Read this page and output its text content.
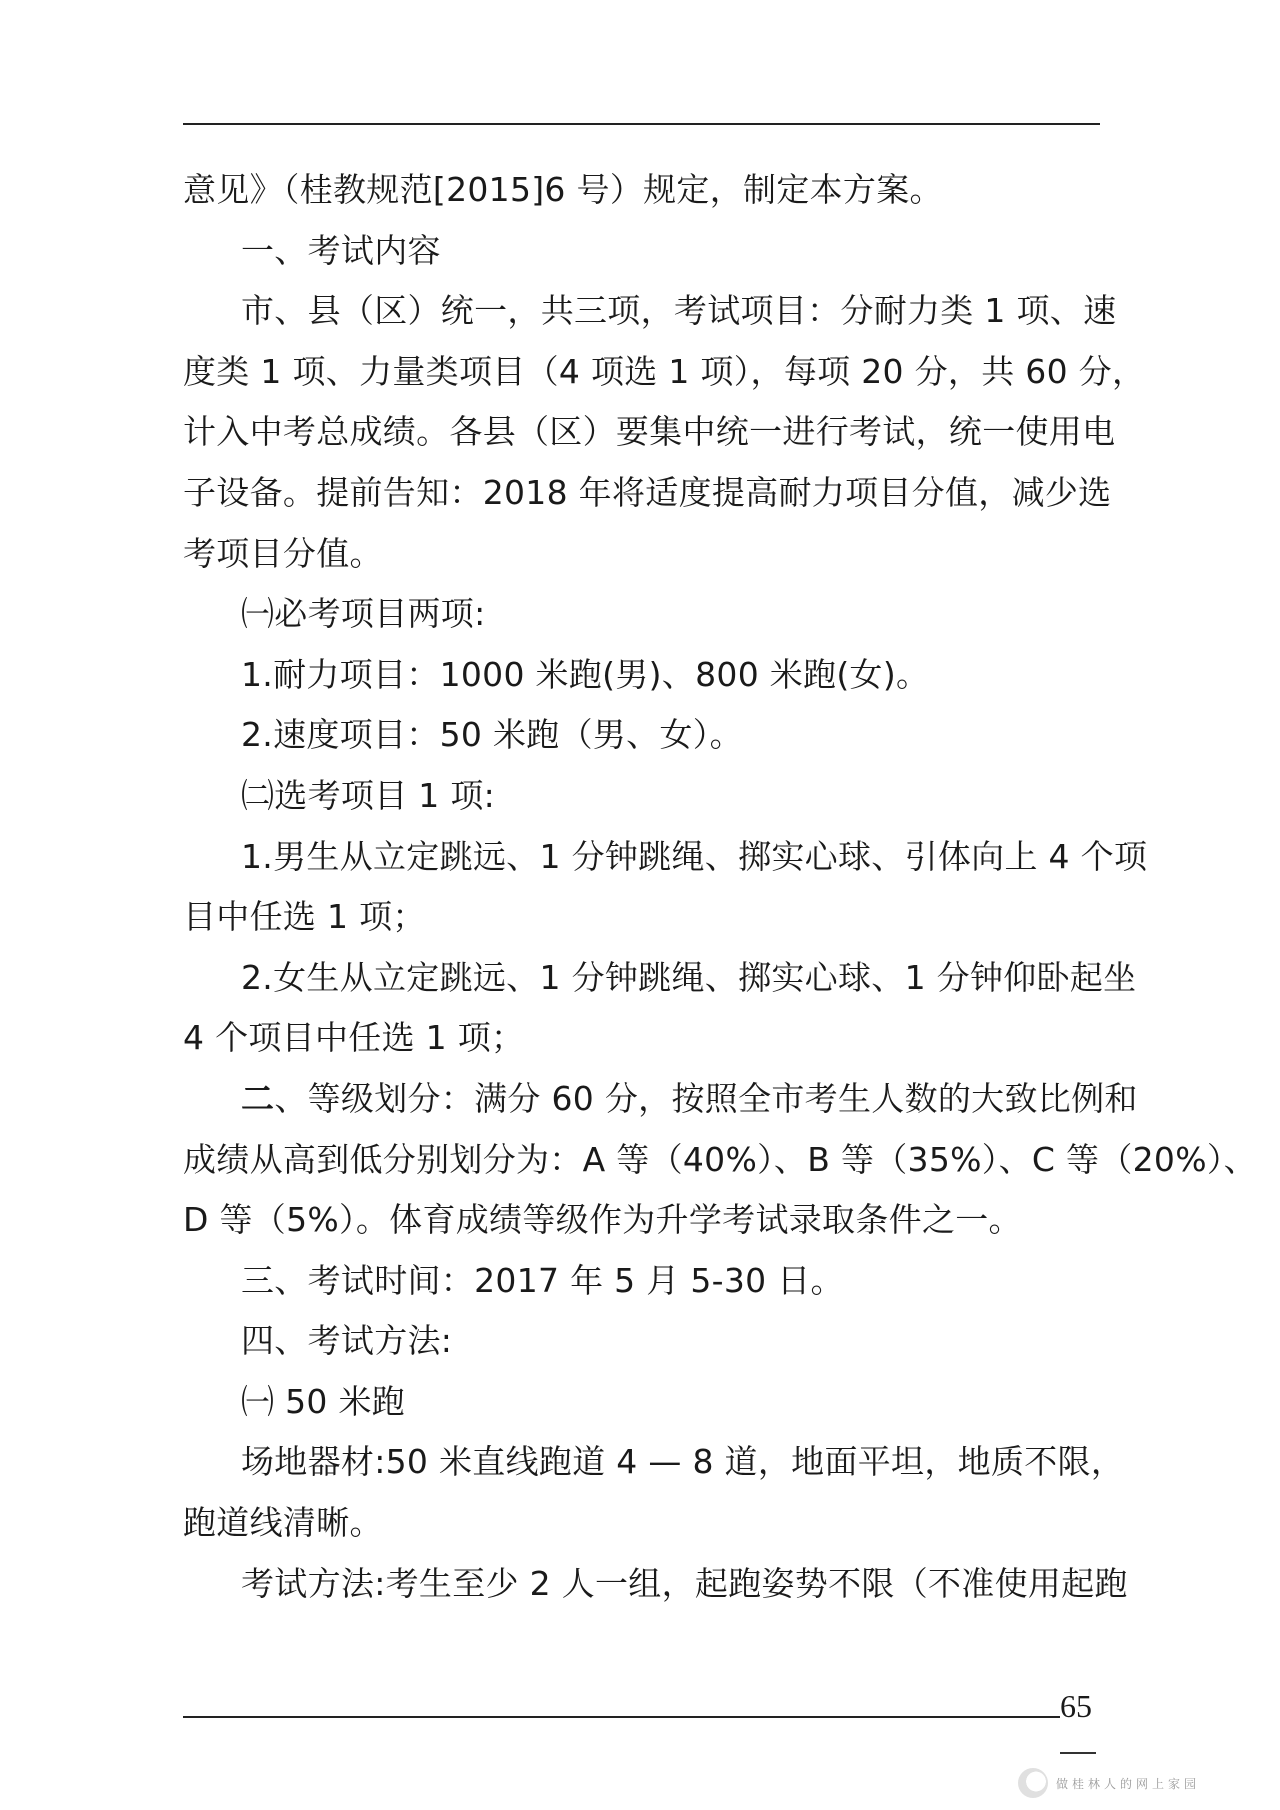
意见》（桂教规范[2015]6 号）规定，制定本方案。

一、考试内容

市、县（区）统一，共三项，考试项目：分耐力类 1 项、速

度类 1 项、力量类项目（4 项选 1 项），每项 20 分，共 60 分，

计入中考总成绩。各县（区）要集中统一进行考试，统一使用电

子设备。提前告知：2018 年将适度提高耐力项目分值，减少选

考项目分值。

㈠必考项目两项:

1.耐力项目：1000 米跑(男)、800 米跑(女)。

2.速度项目：50 米跑（男、女）。

㈡选考项目 1 项:

1.男生从立定跳远、1 分钟跳绳、掷实心球、引体向上 4 个项

目中任选 1 项；

2.女生从立定跳远、1 分钟跳绳、掷实心球、1 分钟仰卧起坐

4 个项目中任选 1 项；

二、等级划分：满分 60 分，按照全市考生人数的大致比例和

成绩从高到低分别划分为：A 等（40%）、B 等（35%）、C 等（20%）、

D 等（5%）。体育成绩等级作为升学考试录取条件之一。

三、考试时间：2017 年 5 月 5-30 日。

四、考试方法:

㈠ 50 米跑

场地器材:50 米直线跑道 4 — 8 道，地面平坦，地质不限，

跑道线清晰。

考试方法:考生至少 2 人一组，起跑姿势不限（不准使用起跑

65
做桂林人的网上家园
